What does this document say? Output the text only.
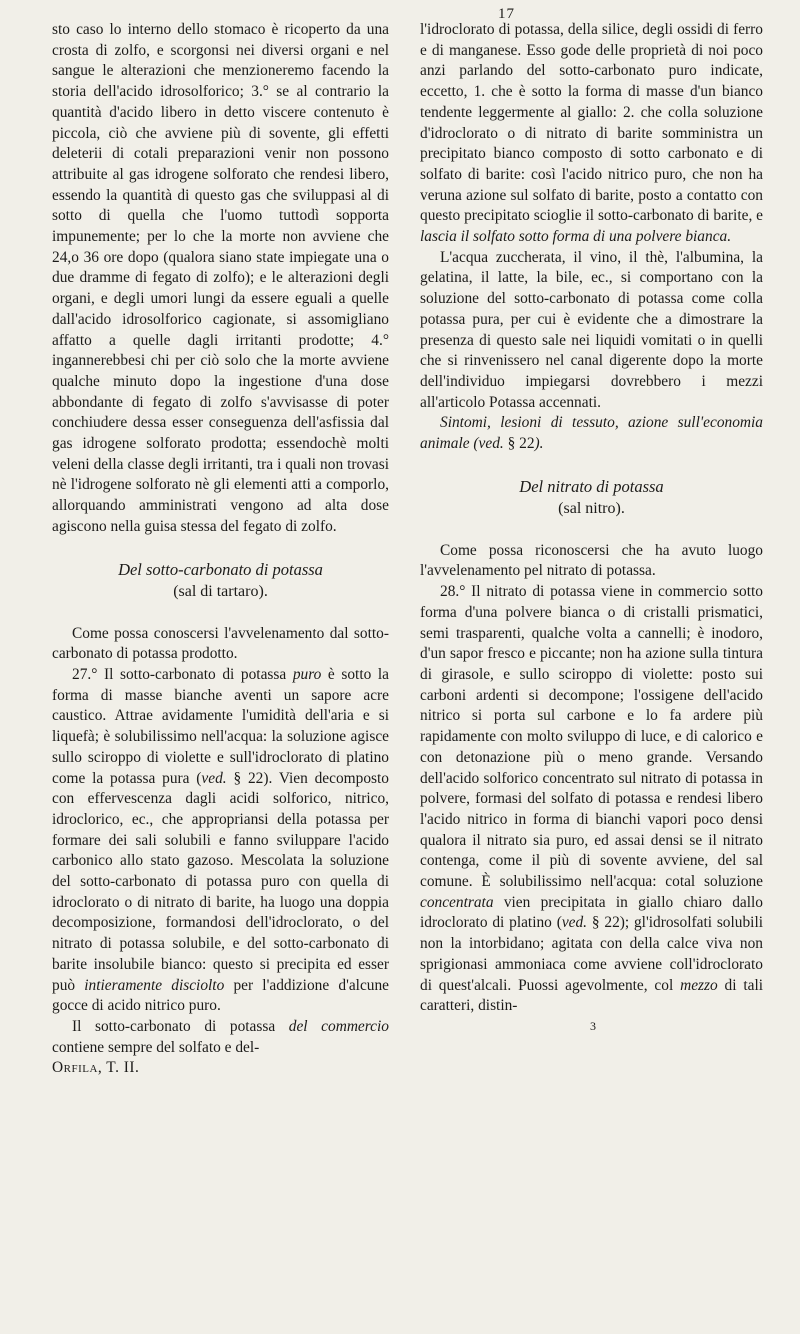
17

sto caso lo interno dello stomaco è ricoperto da una crosta di zolfo, e scorgonsi nei diversi organi e nel sangue le alterazioni che menzioneremo facendo la storia dell'acido idrosolforico; 3.° se al contrario la quantità d'acido libero in detto viscere contenuto è piccola, ciò che avviene più di sovente, gli effetti deleterii di cotali preparazioni venir non possono attribuite al gas idrogene solforato che rendesi libero, essendo la quantità di questo gas che sviluppasi al di sotto di quella che l'uomo tuttodì sopporta impunemente; per lo che la morte non avviene che 24,o 36 ore dopo (qualora siano state impiegate una o due dramme di fegato di zolfo); e le alterazioni degli organi, e degli umori lungi da essere eguali a quelle dall'acido idrosolforico cagionate, si assomigliano affatto a quelle dagli irritanti prodotte; 4.° ingannerebbesi chi per ciò solo che la morte avviene qualche minuto dopo la ingestione d'una dose abbondante di fegato di zolfo s'avvisasse di poter conchiudere dessa esser conseguenza dell'asfissia dal gas idrogene solforato prodotta; essendochè molti veleni della classe degli irritanti, tra i quali non trovasi nè l'idrogene solforato nè gli elementi atti a comporlo, allorquando amministrati vengono ad alta dose agiscono nella guisa stessa del fegato di zolfo.

Del sotto-carbonato di potassa
(sal di tartaro).

Come possa conoscersi l'avvelenamento dal sotto-carbonato di potassa prodotto.

27.° Il sotto-carbonato di potassa puro è sotto la forma di masse bianche aventi un sapore acre caustico. Attrae avidamente l'umidità dell'aria e si liquefà; è solubilissimo nell'acqua: la soluzione agisce sullo sciroppo di violette e sull'idroclorato di platino come la potassa pura (ved. § 22). Vien decomposto con effervescenza dagli acidi solforico, nitrico, idroclorico, ec., che appropriansi della potassa per formare dei sali solubili e fanno sviluppare l'acido carbonico allo stato gazoso. Mescolata la soluzione del sotto-carbonato di potassa puro con quella di idroclorato o di nitrato di barite, ha luogo una doppia decomposizione, formandosi dell'idroclorato, o del nitrato di potassa solubile, e del sotto-carbonato di barite insolubile bianco: questo si precipita ed esser può intieramente disciolto per l'addizione d'alcune gocce di acido nitrico puro.

Il sotto-carbonato di potassa del commercio contiene sempre del solfato e del-

Orfila, T. II.

l'idroclorato di potassa, della silice, degli ossidi di ferro e di manganese. Esso gode delle proprietà di noi poco anzi parlando del sotto-carbonato puro indicate, eccetto, 1. che è sotto la forma di masse d'un bianco tendente leggermente al giallo: 2. che colla soluzione d'idroclorato o di nitrato di barite somministra un precipitato bianco composto di sotto carbonato e di solfato di barite: così l'acido nitrico puro, che non ha veruna azione sul solfato di barite, posto a contatto con questo precipitato scioglie il sotto-carbonato di barite, e lascia il solfato sotto forma di una polvere bianca.

L'acqua zuccherata, il vino, il thè, l'albumina, la gelatina, il latte, la bile, ec., si comportano con la soluzione del sotto-carbonato di potassa come colla potassa pura, per cui è evidente che a dimostrare la presenza di questo sale nei liquidi vomitati o in quelli che si rinvenissero nel canal digerente dopo la morte dell'individuo impiegarsi dovrebbero i mezzi all'articolo Potassa accennati.

Sintomi, lesioni di tessuto, azione sull'economia animale (ved. § 22).

Del nitrato di potassa
(sal nitro).

Come possa riconoscersi che ha avuto luogo l'avvelenamento pel nitrato di potassa.

28.° Il nitrato di potassa viene in commercio sotto forma d'una polvere bianca o di cristalli prismatici, semi trasparenti, qualche volta a cannelli; è inodoro, d'un sapor fresco e piccante; non ha azione sulla tintura di girasole, e sullo sciroppo di violette: posto sui carboni ardenti si decompone; l'ossigene dell'acido nitrico si porta sul carbone e lo fa ardere più rapidamente con molto sviluppo di luce, e di calorico e con detonazione più o meno grande. Versando dell'acido solforico concentrato sul nitrato di potassa in polvere, formasi del solfato di potassa e rendesi libero l'acido nitrico in forma di bianchi vapori poco densi qualora il nitrato sia puro, ed assai densi se il nitrato contenga, come il più di sovente avviene, del sal comune. È solubilissimo nell'acqua: cotal soluzione concentrata vien precipitata in giallo chiaro dallo idroclorato di platino (ved. § 22); gl'idrosolfati solubili non la intorbidano; agitata con della calce viva non sprigionasi ammoniaca come avviene coll'idroclorato di quest'alcali. Puossi agevolmente, col mezzo di tali caratteri, distin-

3
